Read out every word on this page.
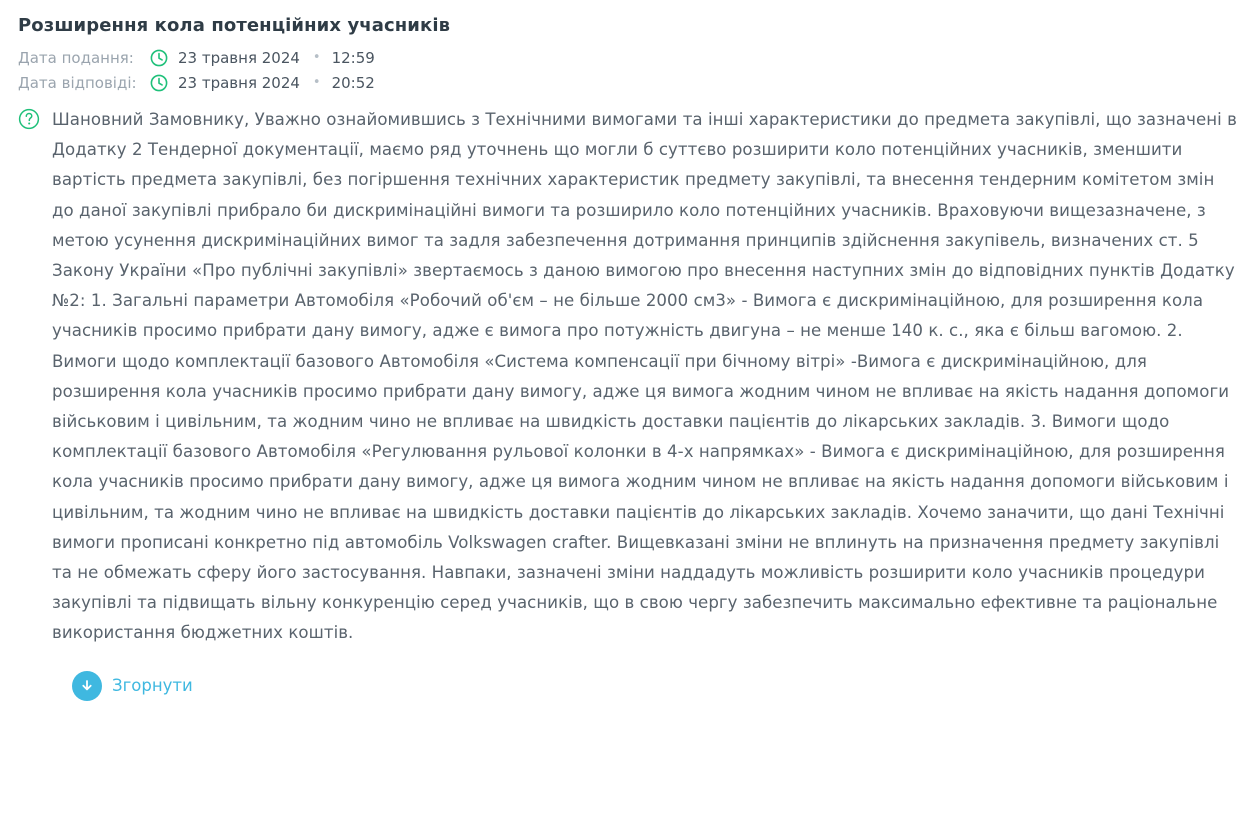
Розширення кола потенційних учасників
Дата подання:	23 травня 2024 • 12:59
Дата відповіді:	23 травня 2024 • 20:52
Шановний Замовнику, Уважно ознайомившись з Технічними вимогами та інші характеристики до предмета закупівлі, що зазначені в Додатку 2 Тендерної документації, маємо ряд уточнень що могли б суттєво розширити коло потенційних учасників, зменшити вартість предмета закупівлі, без погіршення технічних характеристик предмету закупівлі, та внесення тендерним комітетом змін до даної закупівлі прибрало би дискримінаційні вимоги та розширило коло потенційних учасників. Враховуючи вищезазначене, з метою усунення дискримінаційних вимог та задля забезпечення дотримання принципів здійснення закупівель, визначених ст. 5 Закону України «Про публічні закупівлі» звертаємось з даною вимогою про внесення наступних змін до відповідних пунктів Додатку №2: 1. Загальні параметри Автомобіля «Робочий об'єм – не більше 2000 см3» - Вимога є дискримінаційною, для розширення кола учасників просимо прибрати дану вимогу, адже є вимога про потужність двигуна – не менше 140 к. с., яка є більш вагомою. 2. Вимоги щодо комплектації базового Автомобіля «Система компенсації при бічному вітрі» -Вимога є дискримінаційною, для розширення кола учасників просимо прибрати дану вимогу, адже ця вимога жодним чином не впливає на якість надання допомоги військовим і цивільним, та жодним чино не впливає на швидкість доставки пацієнтів до лікарських закладів. 3. Вимоги щодо комплектації базового Автомобіля «Регулювання рульової колонки в 4-х напрямках» - Вимога є дискримінаційною, для розширення кола учасників просимо прибрати дану вимогу, адже ця вимога жодним чином не впливає на якість надання допомоги військовим і цивільним, та жодним чино не впливає на швидкість доставки пацієнтів до лікарських закладів. Хочемо заначити, що дані Технічні вимоги прописані конкретно під автомобіль Volkswagen crafter. Вищевказані зміни не вплинуть на призначення предмету закупівлі та не обмежать сферу його застосування. Навпаки, зазначені зміни наддадуть можливість розширити коло учасників процедури закупівлі та підвищать вільну конкуренцію серед учасників, що в свою чергу забезпечить максимально ефективне та раціональне використання бюджетних коштів.
Згорнути
